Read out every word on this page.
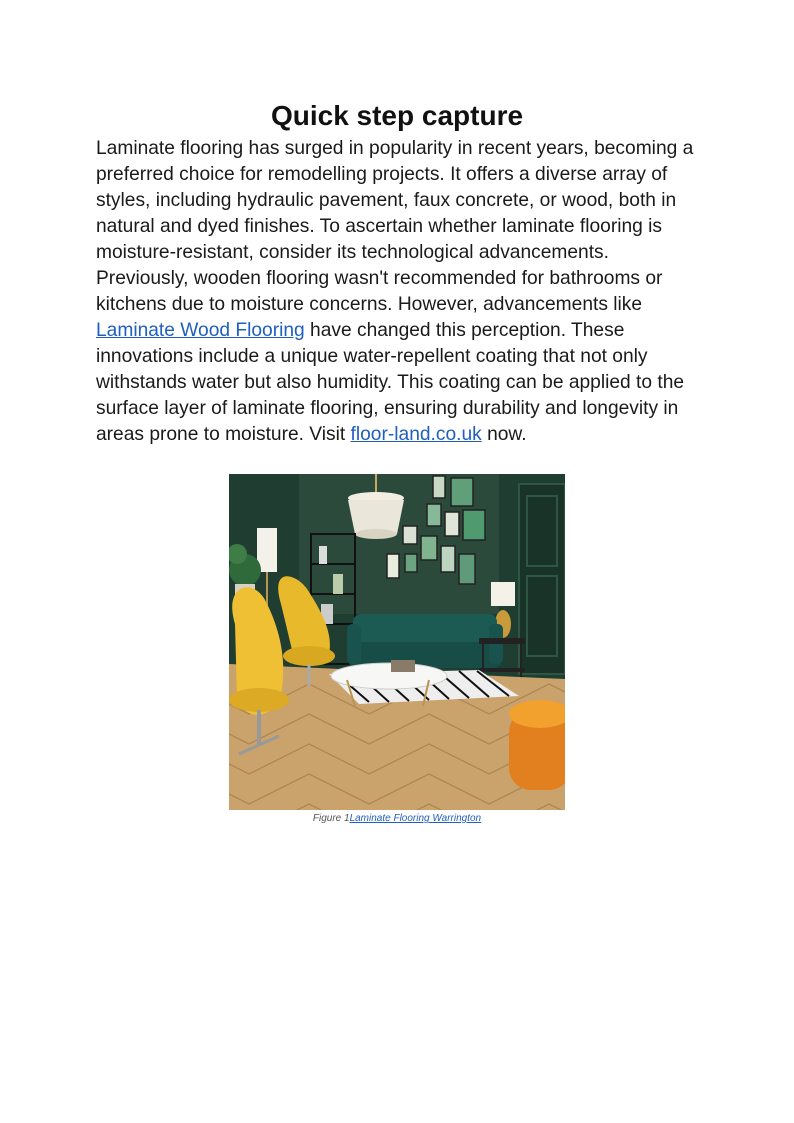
Quick step capture

Laminate flooring has surged in popularity in recent years, becoming a preferred choice for remodelling projects. It offers a diverse array of styles, including hydraulic pavement, faux concrete, or wood, both in natural and dyed finishes. To ascertain whether laminate flooring is moisture-resistant, consider its technological advancements. Previously, wooden flooring wasn't recommended for bathrooms or kitchens due to moisture concerns. However, advancements like Laminate Wood Flooring have changed this perception. These innovations include a unique water-repellent coating that not only withstands water but also humidity. This coating can be applied to the surface layer of laminate flooring, ensuring durability and longevity in areas prone to moisture. Visit floor-land.co.uk now.

Figure 1Laminate Flooring Warrington
